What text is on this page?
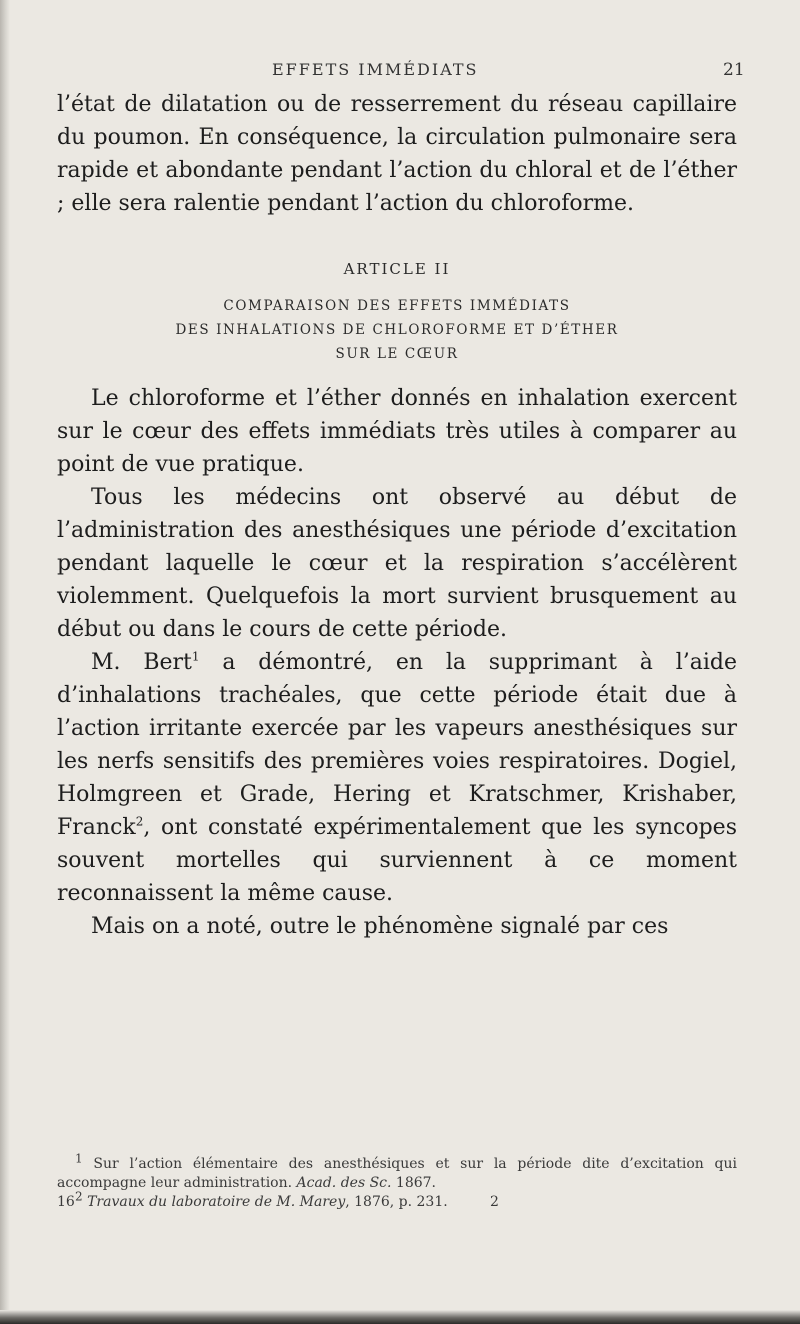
EFFETS IMMÉDIATS	21

l’état de dilatation ou de resserrement du réseau capillaire du poumon. En conséquence, la circulation pulmonaire sera rapide et abondante pendant l’action du chloral et de l’éther ; elle sera ralentie pendant l’action du chloroforme.

ARTICLE II
COMPARAISON DES EFFETS IMMÉDIATS
DES INHALATIONS DE CHLOROFORME ET D’ÉTHER
SUR LE CŒUR

Le chloroforme et l’éther donnés en inhalation exercent sur le cœur des effets immédiats très utiles à comparer au point de vue pratique.

Tous les médecins ont observé au début de l’administration des anesthésiques une période d’excitation pendant laquelle le cœur et la respiration s’accélèrent violemment. Quelquefois la mort survient brusquement au début ou dans le cours de cette période.

M. Bert$^1$ a démontré, en la supprimant à l’aide d’inhalations trachéales, que cette période était due à l’action irritante exercée par les vapeurs anesthésiques sur les nerfs sensitifs des premières voies respiratoires. Dogiel, Holmgreen et Grade, Hering et Kratschmer, Krishaber, Franck$^2$, ont constaté expérimentalement que les syncopes souvent mortelles qui surviennent à ce moment reconnaissent la même cause.

Mais on a noté, outre le phénomène signalé par ces

$^1$ Sur l’action élémentaire des anesthésiques et sur la période dite d’excitation qui accompagne leur administration. Acad. des Sc. 1867.

$^2$ Travaux du laboratoire de M. Marey, 1876, p. 231.

16	2
